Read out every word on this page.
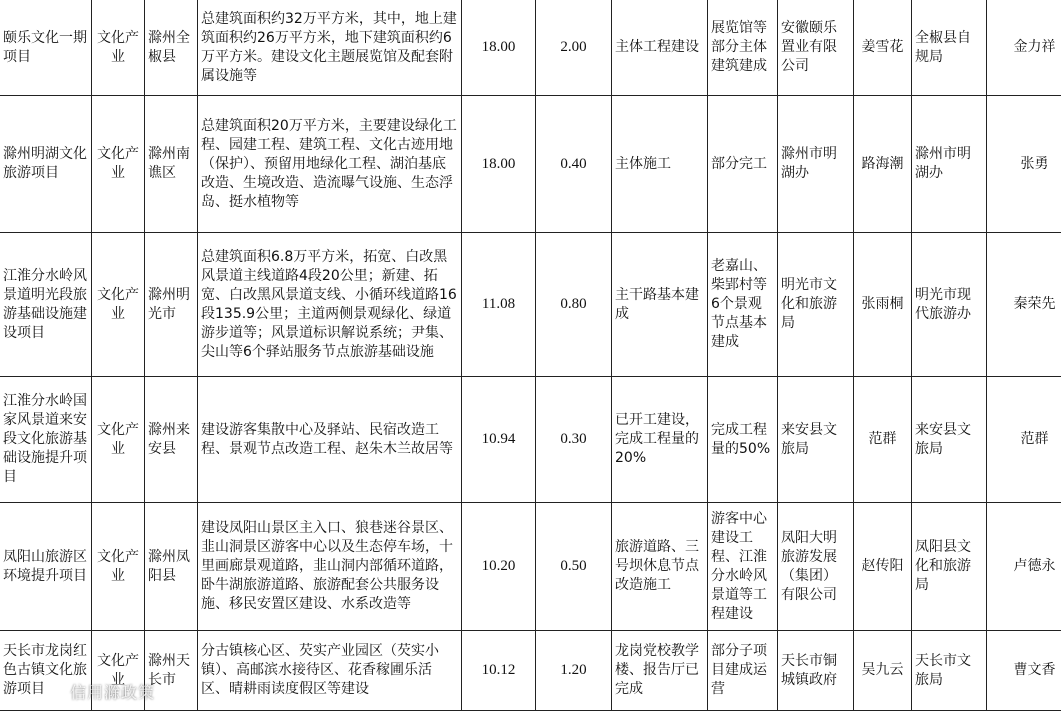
颐乐文化一期项目	文化产业	滁州全椒县	总建筑面积约32万平方米，其中，地上建筑面积约26万平方米，地下建筑面积约6万平方米。建设文化主题展览馆及配套附属设施等	18.00	2.00	主体工程建设	展览馆等部分主体建筑建成	安徽颐乐置业有限公司	姜雪花	全椒县自规局	金力祥
滁州明湖文化旅游项目	文化产业	滁州南谯区	总建筑面积20万平方米，主要建设绿化工程、园建工程、建筑工程、文化古迹用地（保护）、预留用地绿化工程、湖泊基底改造、生境改造、造流曝气设施、生态浮岛、挺水植物等	18.00	0.40	主体施工	部分完工	滁州市明湖办	路海潮	滁州市明湖办	张勇
江淮分水岭风景道明光段旅游基础设施建设项目	文化产业	滁州明光市	总建筑面积6.8万平方米，拓宽、白改黑风景道主线道路4段20公里；新建、拓宽、白改黑风景道支线、小循环线道路16段135.9公里；主道两侧景观绿化、绿道游步道等；风景道标识解说系统；尹集、尖山等6个驿站服务节点旅游基础设施	11.08	0.80	主干路基本建成	老嘉山、柴郢村等6个景观节点基本建成	明光市文化和旅游局	张雨桐	明光市现代旅游办	秦荣先
江淮分水岭国家风景道来安段文化旅游基础设施提升项目	文化产业	滁州来安县	建设游客集散中心及驿站、民宿改造工程、景观节点改造工程、赵朱木兰故居等	10.94	0.30	已开工建设，完成工程量的20%	完成工程量的50%	来安县文旅局	范群	来安县文旅局	范群
凤阳山旅游区环境提升项目	文化产业	滁州凤阳县	建设凤阳山景区主入口、狼巷迷谷景区、韭山洞景区游客中心以及生态停车场，十里画廊景观道路，韭山洞内部循环道路，卧牛湖旅游道路、旅游配套公共服务设施、移民安置区建设、水系改造等	10.20	0.50	旅游道路、三号坝休息节点改造施工	游客中心建设工程、江淮分水岭风景道等工程建设	凤阳大明旅游发展（集团）有限公司	赵传阳	凤阳县文化和旅游局	卢德永
天长市龙岗红色古镇文化旅游项目	文化产业	滁州天长市	分古镇核心区、芡实产业园区（芡实小镇）、高邮滨水接待区、花香稼圃乐活区、晴耕雨读度假区等建设	10.12	1.20	龙岗党校教学楼、报告厅已完成	部分子项目建成运营	天长市铜城镇政府	吴九云	天长市文旅局	曹文香
信用滁政策
